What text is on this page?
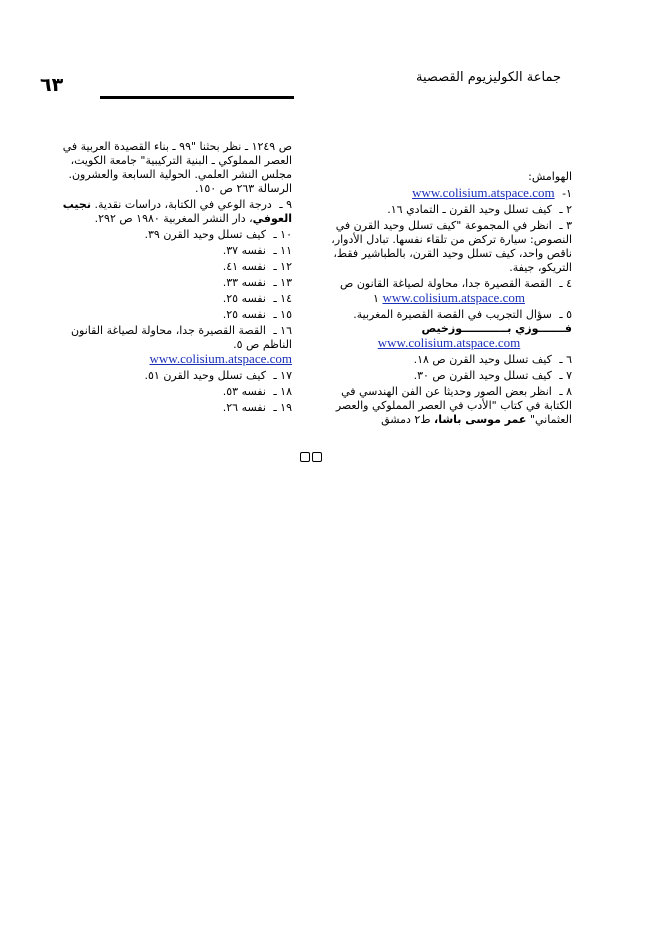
٦٣	جماعة الكوليزيوم القصصية
الهوامش:
١- www.colisium.atspace.com
٢ ـ كيف تسلل وحيد القرن ـ التمادي ١٦.
٣ ـ انظر في المجموعة "كيف تسلل وحيد القرن في النصوص: سيارة تركض من تلقاء نفسها. تبادل الأدوار، ناقص واحد، كيف تسلل وحيد القرن، بالطباشير فقط، التريكو، جيفة.
٤ ـ القصة القصيرة جدا، محاولة لصياغة القانون ص
www.colisium.atspace.com ١
٥ ـ سؤال التجريب في القصة القصيرة المغربية.
فـــــــوزي بــــــــــــوزخيص
www.colisium.atspace.com
٦ ـ كيف تسلل وحيد القرن ص ١٨.
٧ ـ كيف تسلل وحيد القرن ص ٣٠.
٨ ـ انظر بعض الصور وحديثا عن الفن الهندسي في الكتابة في كتاب "الأدب في العصر المملوكي والعصر العثماني" عمر موسى باشا، ط٢ دمشق
ص ١٢٤٩ ـ نظر بحثنا "٩٩ ـ بناء القصيدة العربية في العصر المملوكي ـ البنية التركيبية" جامعة الكويت، مجلس النشر العلمي. الحولية السابعة والعشرون. الرسالة ٢٦٣ ص ١٥٠.
٩ ـ درجة الوعي في الكتابة، دراسات نقدية. نجيب العوفي، دار النشر المغربية ١٩٨٠ ص ٢٩٢.
١٠ ـ كيف تسلل وحيد القرن ٣٩.
١١ ـ نفسه ٣٧.
١٢ ـ نفسه ٤١.
١٣ ـ نفسه ٣٣.
١٤ ـ نفسه ٢٥.
١٥ ـ نفسه ٢٥.
١٦ ـ القصة القصيرة جدا، محاولة لصياغة القانون الناظم ص ٥.
www.colisium.atspace.com
١٧ ـ كيف تسلل وحيد القرن ٥١.
١٨ ـ نفسه ٥٣.
١٩ ـ نفسه ٢٦.
